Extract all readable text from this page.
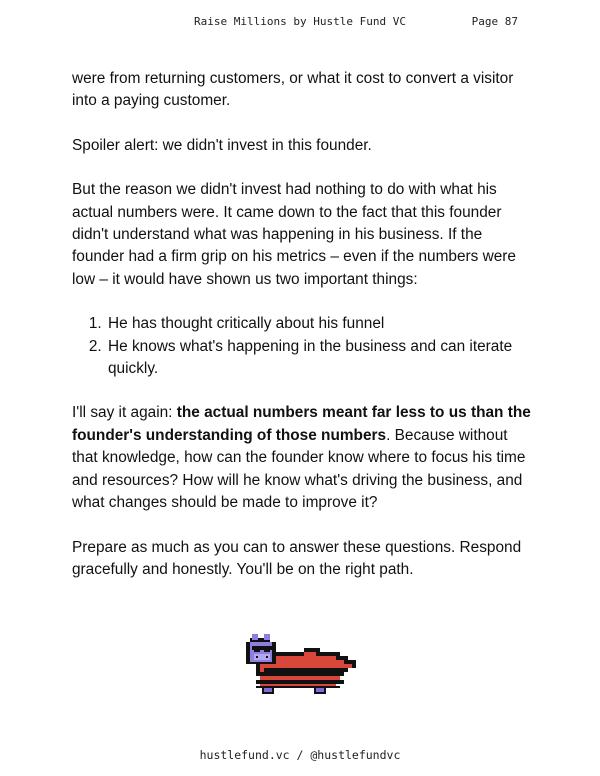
Raise Millions by Hustle Fund VC	Page 87

were from returning customers, or what it cost to convert a visitor into a paying customer.

Spoiler alert: we didn't invest in this founder.

But the reason we didn't invest had nothing to do with what his actual numbers were. It came down to the fact that this founder didn't understand what was happening in his business. If the founder had a firm grip on his metrics – even if the numbers were low – it would have shown us two important things:

1. He has thought critically about his funnel
2. He knows what's happening in the business and can iterate quickly.

I'll say it again: the actual numbers meant far less to us than the founder's understanding of those numbers. Because without that knowledge, how can the founder know where to focus his time and resources? How will he know what's driving the business, and what changes should be made to improve it?

Prepare as much as you can to answer these questions. Respond gracefully and honestly. You'll be on the right path.

hustlefund.vc / @hustlefundvc
